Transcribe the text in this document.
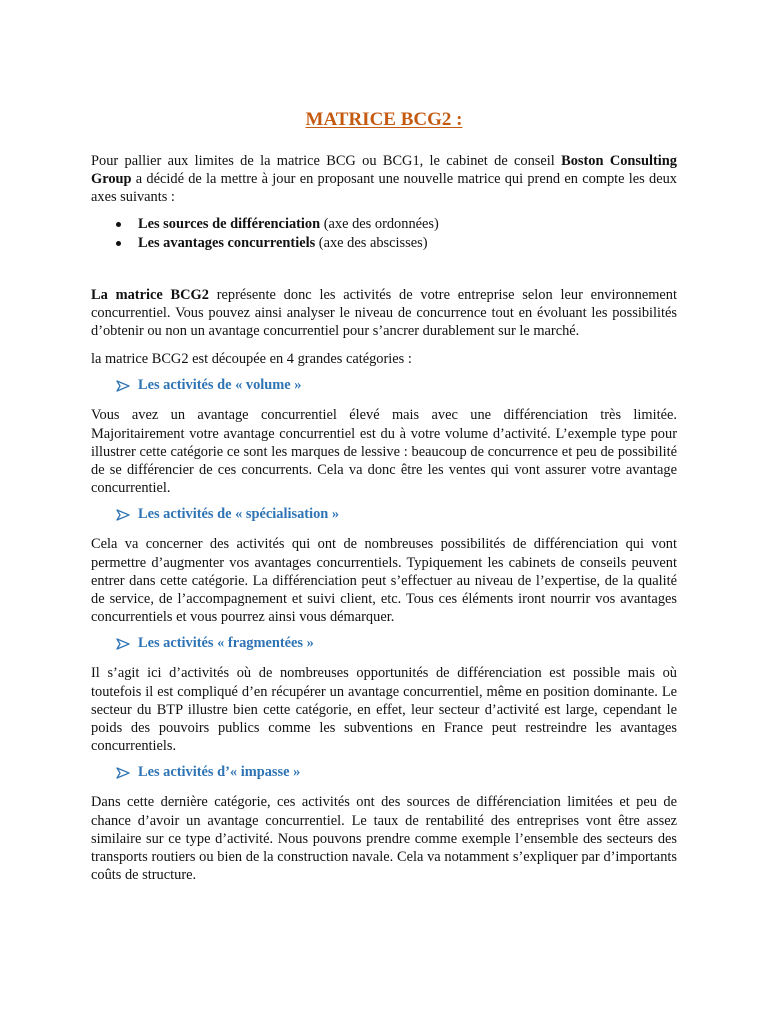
MATRICE BCG2 :

Pour pallier aux limites de la matrice BCG ou BCG1, le cabinet de conseil Boston Consulting Group a décidé de la mettre à jour en proposant une nouvelle matrice qui prend en compte les deux axes suivants :

Les sources de différenciation (axe des ordonnées)
Les avantages concurrentiels (axe des abscisses)

La matrice BCG2 représente donc les activités de votre entreprise selon leur environnement concurrentiel. Vous pouvez ainsi analyser le niveau de concurrence tout en évoluant les possibilités d’obtenir ou non un avantage concurrentiel pour s’ancrer durablement sur le marché.

la matrice BCG2 est découpée en 4 grandes catégories :

Les activités de « volume »

Vous avez un avantage concurrentiel élevé mais avec une différenciation très limitée. Majoritairement votre avantage concurrentiel est du à votre volume d’activité. L’exemple type pour illustrer cette catégorie ce sont les marques de lessive : beaucoup de concurrence et peu de possibilité de se différencier de ces concurrents. Cela va donc être les ventes qui vont assurer votre avantage concurrentiel.

Les activités de « spécialisation »

Cela va concerner des activités qui ont de nombreuses possibilités de différenciation qui vont permettre d’augmenter vos avantages concurrentiels. Typiquement les cabinets de conseils peuvent entrer dans cette catégorie. La différenciation peut s’effectuer au niveau de l’expertise, de la qualité de service, de l’accompagnement et suivi client, etc. Tous ces éléments iront nourrir vos avantages concurrentiels et vous pourrez ainsi vous démarquer.

Les activités « fragmentées »

Il s’agit ici d’activités où de nombreuses opportunités de différenciation est possible mais où toutefois il est compliqué d’en récupérer un avantage concurrentiel, même en position dominante. Le secteur du BTP illustre bien cette catégorie, en effet, leur secteur d’activité est large, cependant le poids des pouvoirs publics comme les subventions en France peut restreindre les avantages concurrentiels.

Les activités d’« impasse »

Dans cette dernière catégorie, ces activités ont des sources de différenciation limitées et peu de chance d’avoir un avantage concurrentiel. Le taux de rentabilité des entreprises vont être assez similaire sur ce type d’activité. Nous pouvons prendre comme exemple l’ensemble des secteurs des transports routiers ou bien de la construction navale. Cela va notamment s’expliquer par d’importants coûts de structure.
